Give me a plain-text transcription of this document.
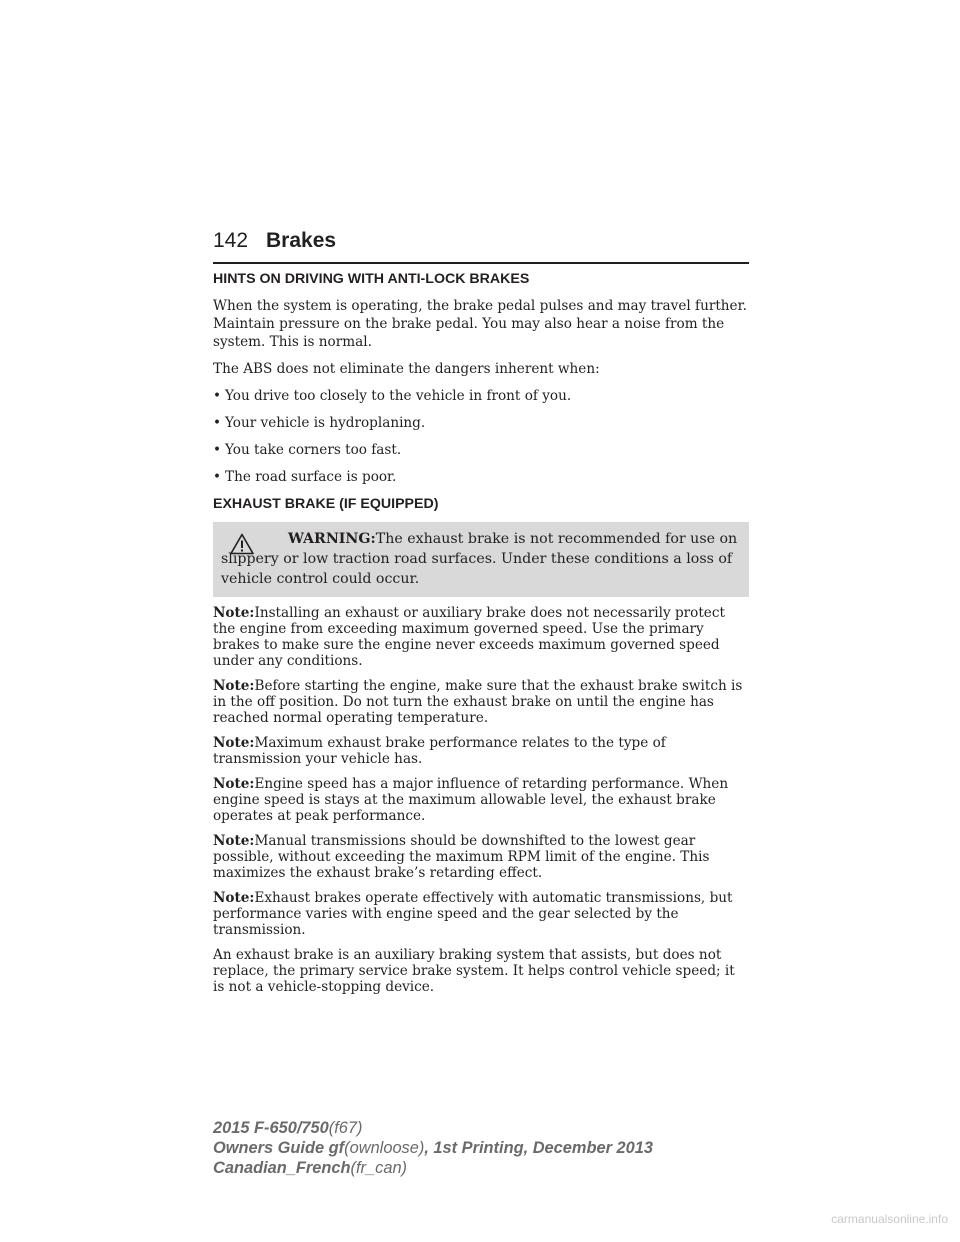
142 Brakes
HINTS ON DRIVING WITH ANTI-LOCK BRAKES

When the system is operating, the brake pedal pulses and may travel further. Maintain pressure on the brake pedal. You may also hear a noise from the system. This is normal.

The ABS does not eliminate the dangers inherent when:

• You drive too closely to the vehicle in front of you.
• Your vehicle is hydroplaning.
• You take corners too fast.
• The road surface is poor.
EXHAUST BRAKE (IF EQUIPPED)
WARNING:The exhaust brake is not recommended for use on slippery or low traction road surfaces. Under these conditions a loss of vehicle control could occur.

Note:Installing an exhaust or auxiliary brake does not necessarily protect the engine from exceeding maximum governed speed. Use the primary brakes to make sure the engine never exceeds maximum governed speed under any conditions.

Note:Before starting the engine, make sure that the exhaust brake switch is in the off position. Do not turn the exhaust brake on until the engine has reached normal operating temperature.

Note:Maximum exhaust brake performance relates to the type of transmission your vehicle has.

Note:Engine speed has a major influence of retarding performance. When engine speed is stays at the maximum allowable level, the exhaust brake operates at peak performance.

Note:Manual transmissions should be downshifted to the lowest gear possible, without exceeding the maximum RPM limit of the engine. This maximizes the exhaust brake’s retarding effect.

Note:Exhaust brakes operate effectively with automatic transmissions, but performance varies with engine speed and the gear selected by the transmission.

An exhaust brake is an auxiliary braking system that assists, but does not replace, the primary service brake system. It helps control vehicle speed; it is not a vehicle-stopping device.

2015 F-650/750(f67)
Owners Guide gf(ownloose), 1st Printing, December 2013
Canadian_French(fr_can)
carmanualsonline.info
